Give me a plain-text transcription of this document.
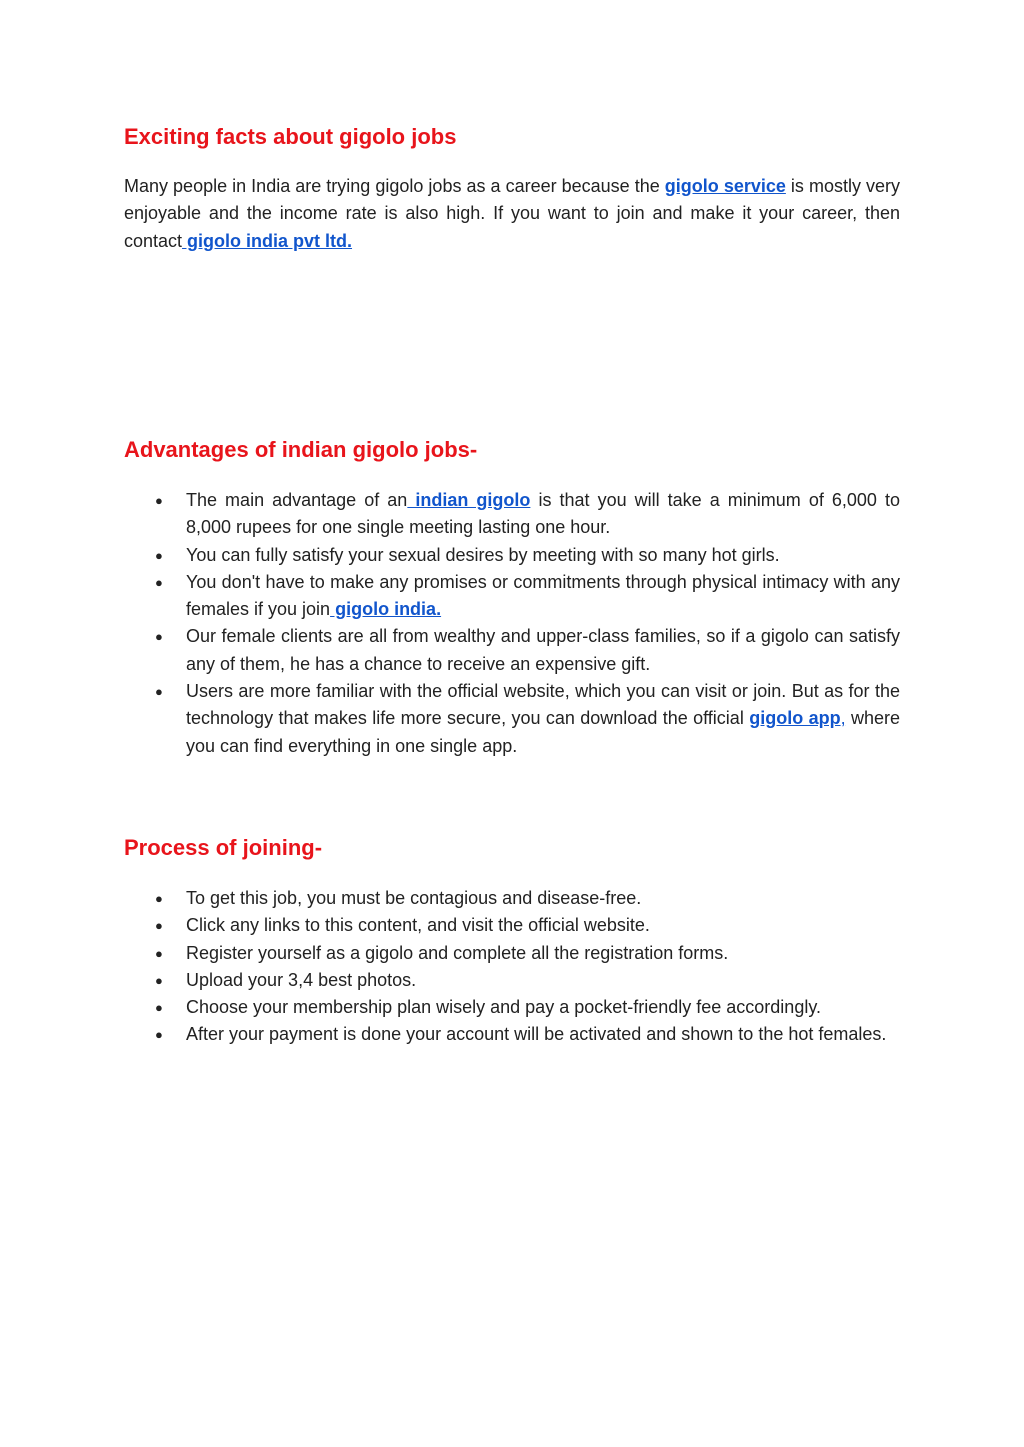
Exciting facts about gigolo jobs

Many people in India are trying gigolo jobs as a career because the gigolo service is mostly very enjoyable and the income rate is also high. If you want to join and make it your career, then contact gigolo india pvt ltd.

Advantages of indian gigolo jobs-
● The main advantage of an indian gigolo is that you will take a minimum of 6,000 to 8,000 rupees for one single meeting lasting one hour.
● You can fully satisfy your sexual desires by meeting with so many hot girls.
● You don't have to make any promises or commitments through physical intimacy with any females if you join gigolo india.
● Our female clients are all from wealthy and upper-class families, so if a gigolo can satisfy any of them, he has a chance to receive an expensive gift.
● Users are more familiar with the official website, which you can visit or join. But as for the technology that makes life more secure, you can download the official gigolo app, where you can find everything in one single app.
Process of joining-
● To get this job, you must be contagious and disease-free.
● Click any links to this content, and visit the official website.
● Register yourself as a gigolo and complete all the registration forms.
● Upload your 3,4 best photos.
● Choose your membership plan wisely and pay a pocket-friendly fee accordingly.
● After your payment is done your account will be activated and shown to the hot females.
